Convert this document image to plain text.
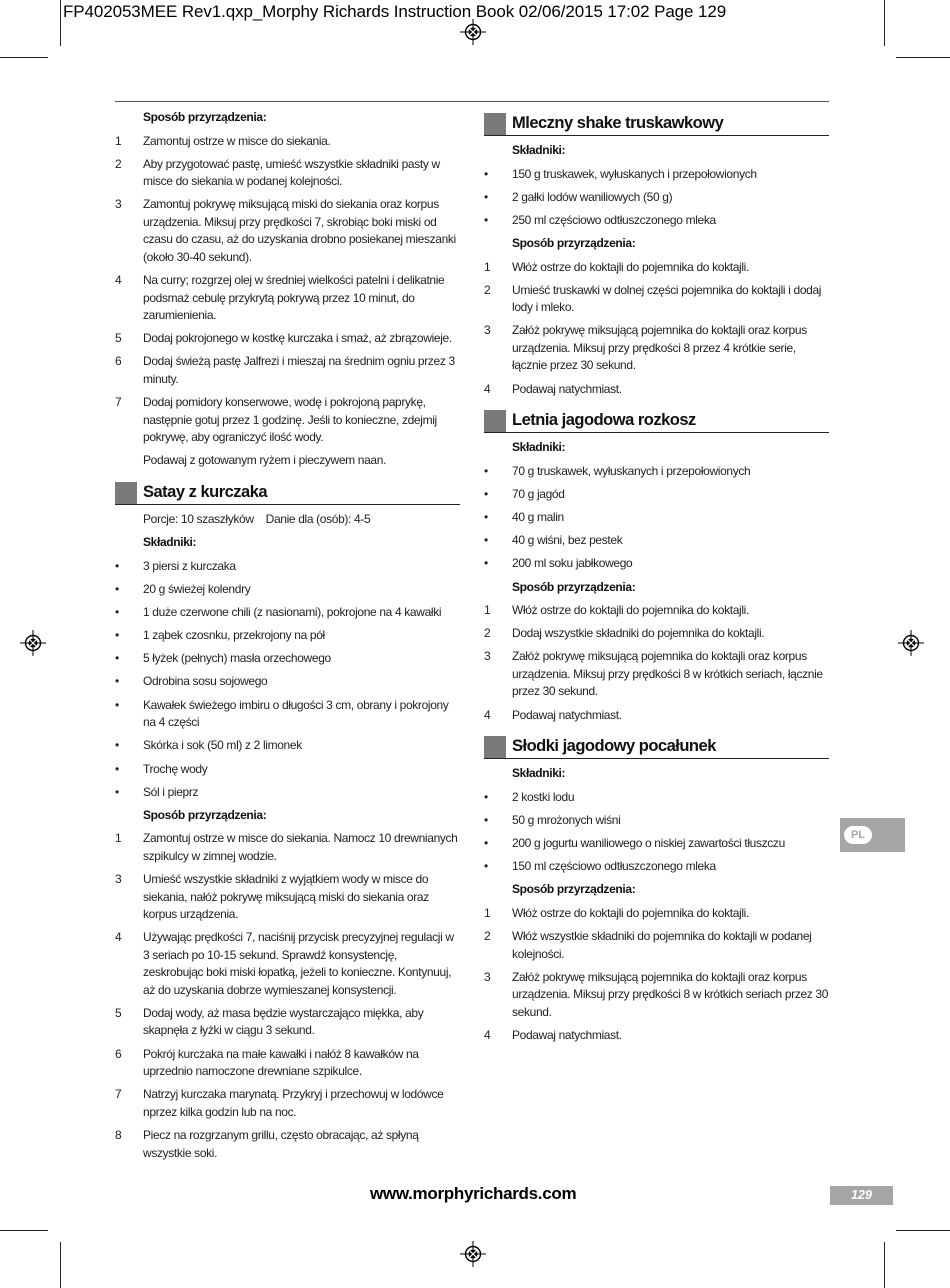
FP402053MEE Rev1.qxp_Morphy Richards Instruction Book 02/06/2015 17:02 Page 129
Sposób przyrządzenia:
1	Zamontuj ostrze w misce do siekania.
2	Aby przygotować pastę, umieść wszystkie składniki pasty w misce do siekania w podanej kolejności.
3	Zamontuj pokrywę miksującą miski do siekania oraz korpus urządzenia. Miksuj przy prędkości 7, skrobiąc boki miski od czasu do czasu, aż do uzyskania drobno posiekanej mieszanki (około 30-40 sekund).
4	Na curry; rozgrzej olej w średniej wielkości patelni i delikatnie podsmaż cebulę przykrytą pokrywą przez 10 minut, do zarumienienia.
5	Dodaj pokrojonego w kostkę kurczaka i smaż, aż zbrązowieje.
6	Dodaj świeżą pastę Jalfrezi i mieszaj na średnim ogniu przez 3 minuty.
7	Dodaj pomidory konserwowe, wodę i pokrojoną paprykę, następnie gotuj przez 1 godzinę. Jeśli to konieczne, zdejmij pokrywę, aby ograniczyć ilość wody.
Podawaj z gotowanym ryżem i pieczywem naan.
Satay z kurczaka
Porcje: 10 szaszłyków    Danie dla (osób): 4-5
Składniki:
•	3 piersi z kurczaka
•	20 g świeżej kolendry
•	1 duże czerwone chili (z nasionami), pokrojone na 4 kawałki
•	1 ząbek czosnku, przekrojony na pół
•	5 łyżek (pełnych) masła orzechowego
•	Odrobina sosu sojowego
•	Kawałek świeżego imbiru o długości 3 cm, obrany i pokrojony na 4 części
•	Skórka i sok (50 ml) z 2 limonek
•	Trochę wody
•	Sól i pieprz
Sposób przyrządzenia:
1	Zamontuj ostrze w misce do siekania. Namocz 10 drewnianych szpikulcy w zimnej wodzie.
3	Umieść wszystkie składniki z wyjątkiem wody w misce do siekania, nałóż pokrywę miksującą miski do siekania oraz korpus urządzenia.
4	Używając prędkości 7, naciśnij przycisk precyzyjnej regulacji w 3 seriach po 10-15 sekund. Sprawdź konsystencję, zeskrobując boki miski łopatką, jeżeli to konieczne. Kontynuuj, aż do uzyskania dobrze wymieszanej konsystencji.
5	Dodaj wody, aż masa będzie wystarczająco miękka, aby skapnęła z łyżki w ciągu 3 sekund.
6	Pokrój kurczaka na małe kawałki i nałóż 8 kawałków na uprzednio namoczone drewniane szpikulce.
7	Natrzyj kurczaka marynatą. Przykryj i przechowuj w lodówce nprzez kilka godzin lub na noc.
8	Piecz na rozgrzanym grillu, często obracając, aż spłyną wszystkie soki.
Mleczny shake truskawkowy
Składniki:
•	150 g truskawek, wyłuskanych i przepołowionych
•	2 gałki lodów waniliowych (50 g)
•	250 ml częściowo odtłuszczonego mleka
Sposób przyrządzenia:
1	Włóż ostrze do koktajli do pojemnika do koktajli.
2	Umieść truskawki w dolnej części pojemnika do koktajli i dodaj lody i mleko.
3	Załóż pokrywę miksującą pojemnika do koktajli oraz korpus urządzenia. Miksuj przy prędkości 8 przez 4 krótkie serie, łącznie przez 30 sekund.
4	Podawaj natychmiast.
Letnia jagodowa rozkosz
Składniki:
•	70 g truskawek, wyłuskanych i przepołowionych
•	70 g jagód
•	40 g malin
•	40 g wiśni, bez pestek
•	200 ml soku jabłkowego
Sposób przyrządzenia:
1	Włóż ostrze do koktajli do pojemnika do koktajli.
2	Dodaj wszystkie składniki do pojemnika do koktajli.
3	Załóż pokrywę miksującą pojemnika do koktajli oraz korpus urządzenia. Miksuj przy prędkości 8 w krótkich seriach, łącznie przez 30 sekund.
4	Podawaj natychmiast.
Słodki jagodowy pocałunek
Składniki:
•	2 kostki lodu
•	50 g mrożonych wiśni
•	200 g jogurtu waniliowego o niskiej zawartości tłuszczu
•	150 ml częściowo odtłuszczonego mleka
Sposób przyrządzenia:
1	Włóż ostrze do koktajli do pojemnika do koktajli.
2	Włóż wszystkie składniki do pojemnika do koktajli w podanej kolejności.
3	Załóż pokrywę miksującą pojemnika do koktajli oraz korpus urządzenia. Miksuj przy prędkości 8 w krótkich seriach przez 30 sekund.
4	Podawaj natychmiast.
PL
www.morphyrichards.com	129
